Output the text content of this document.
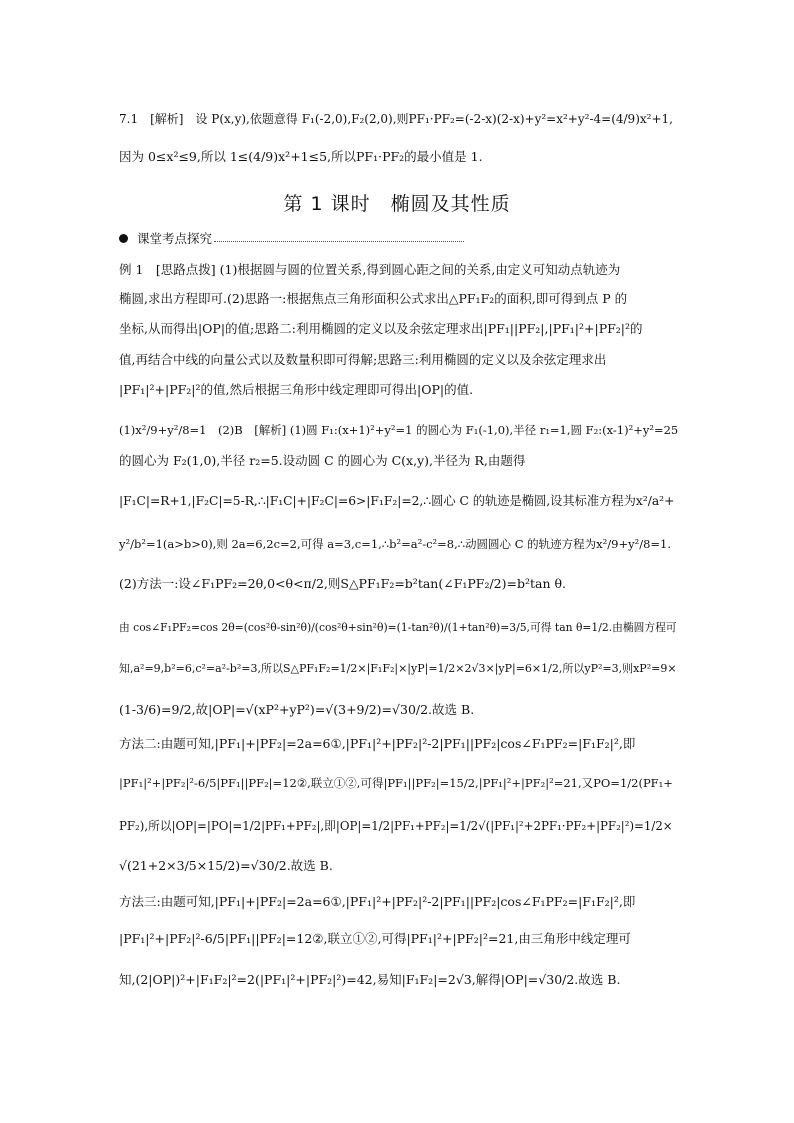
7.1　[解析]　设 P(x,y),依题意得 F₁(-2,0),F₂(2,0),则PF₁·PF₂=(-2-x)(2-x)+y²=x²+y²-4=(4/9)x²+1,
因为 0≤x²≤9,所以 1≤(4/9)x²+1≤5,所以PF₁·PF₂的最小值是 1.
第 1 课时　椭圆及其性质
课堂考点探究
例 1　[思路点拨] (1)根据圆与圆的位置关系,得到圆心距之间的关系,由定义可知动点轨迹为
椭圆,求出方程即可.(2)思路一:根据焦点三角形面积公式求出△PF₁F₂的面积,即可得到点 P 的
坐标,从而得出|OP|的值;思路二:利用椭圆的定义以及余弦定理求出|PF₁||PF₂|,|PF₁|²+|PF₂|²的
值,再结合中线的向量公式以及数量积即可得解;思路三:利用椭圆的定义以及余弦定理求出
|PF₁|²+|PF₂|²的值,然后根据三角形中线定理即可得出|OP|的值.
(1)x²/9+y²/8=1　(2)B　[解析] (1)圆 F₁:(x+1)²+y²=1 的圆心为 F₁(-1,0),半径 r₁=1,圆 F₂:(x-1)²+y²=25
的圆心为 F₂(1,0),半径 r₂=5.设动圆 C 的圆心为 C(x,y),半径为 R,由题得
|F₁C|=R+1,|F₂C|=5-R,∴|F₁C|+|F₂C|=6>|F₁F₂|=2,∴圆心 C 的轨迹是椭圆,设其标准方程为x²/a²+
y²/b²=1(a>b>0),则 2a=6,2c=2,可得 a=3,c=1,∴b²=a²-c²=8,∴动圆圆心 C 的轨迹方程为x²/9+y²/8=1.
(2)方法一:设∠F₁PF₂=2θ,0<θ<π/2,则S△PF₁F₂=b²tan(∠F₁PF₂/2)=b²tan θ.
由 cos∠F₁PF₂=cos 2θ=(cos²θ-sin²θ)/(cos²θ+sin²θ)=(1-tan²θ)/(1+tan²θ)=3/5,可得 tan θ=1/2.由椭圆方程可
知,a²=9,b²=6,c²=a²-b²=3,所以S△PF₁F₂=1/2×|F₁F₂|×|yP|=1/2×2√3×|yP|=6×1/2,所以yP²=3,则xP²=9×
(1-3/6)=9/2,故|OP|=√(xP²+yP²)=√(3+9/2)=√30/2.故选 B.
方法二:由题可知,|PF₁|+|PF₂|=2a=6①,|PF₁|²+|PF₂|²-2|PF₁||PF₂|cos∠F₁PF₂=|F₁F₂|²,即
|PF₁|²+|PF₂|²-6/5|PF₁||PF₂|=12②,联立①②,可得|PF₁||PF₂|=15/2,|PF₁|²+|PF₂|²=21,又PO=1/2(PF₁+
PF₂),所以|OP|=|PO|=1/2|PF₁+PF₂|,即|OP|=1/2|PF₁+PF₂|=1/2√(|PF₁|²+2PF₁·PF₂+|PF₂|²)=1/2×
√(21+2×3/5×15/2)=√30/2.故选 B.
方法三:由题可知,|PF₁|+|PF₂|=2a=6①,|PF₁|²+|PF₂|²-2|PF₁||PF₂|cos∠F₁PF₂=|F₁F₂|²,即
|PF₁|²+|PF₂|²-6/5|PF₁||PF₂|=12②,联立①②,可得|PF₁|²+|PF₂|²=21,由三角形中线定理可
知,(2|OP|)²+|F₁F₂|²=2(|PF₁|²+|PF₂|²)=42,易知|F₁F₂|=2√3,解得|OP|=√30/2.故选 B.
